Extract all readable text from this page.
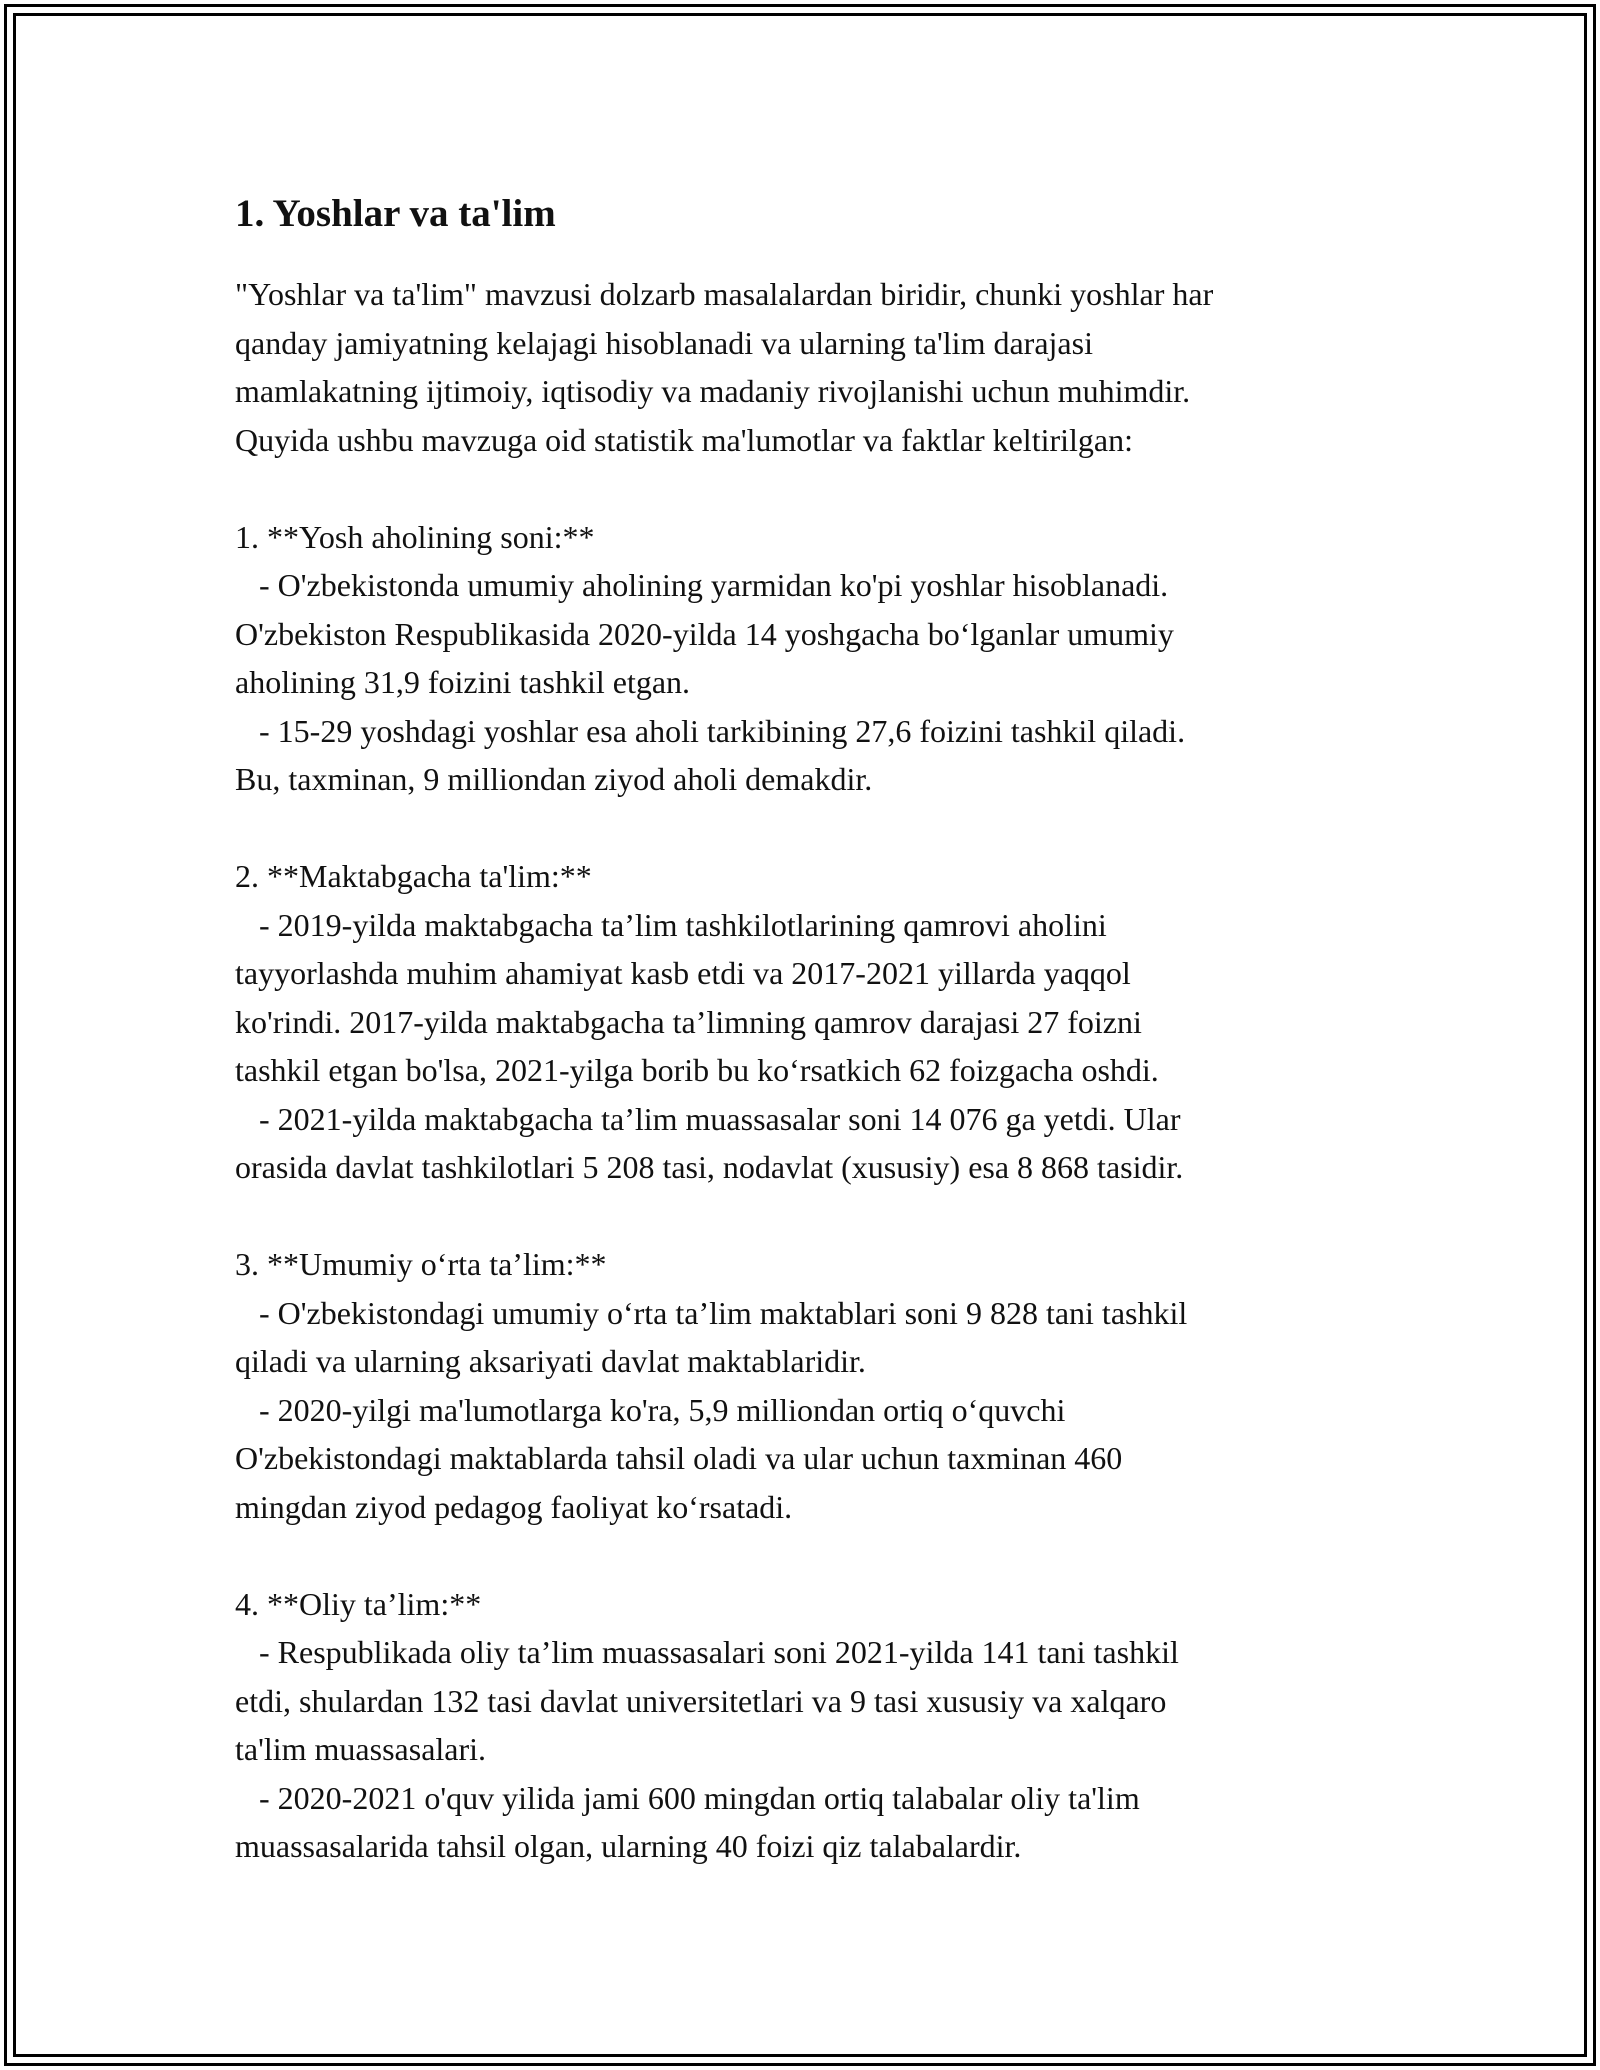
1. Yoshlar va ta'lim

"Yoshlar va ta'lim" mavzusi dolzarb masalalardan biridir, chunki yoshlar har
qanday jamiyatning kelajagi hisoblanadi va ularning ta'lim darajasi
mamlakatning ijtimoiy, iqtisodiy va madaniy rivojlanishi uchun muhimdir.
Quyida ushbu mavzuga oid statistik ma'lumotlar va faktlar keltirilgan:

1. **Yosh aholining soni:**

- O'zbekistonda umumiy aholining yarmidan ko'pi yoshlar hisoblanadi.
O'zbekiston Respublikasida 2020-yilda 14 yoshgacha bo‘lganlar umumiy
aholining 31,9 foizini tashkil etgan.
- 15-29 yoshdagi yoshlar esa aholi tarkibining 27,6 foizini tashkil qiladi.
Bu, taxminan, 9 milliondan ziyod aholi demakdir.

2. **Maktabgacha ta'lim:**

- 2019-yilda maktabgacha ta’lim tashkilotlarining qamrovi aholini
tayyorlashda muhim ahamiyat kasb etdi va 2017-2021 yillarda yaqqol
ko'rindi. 2017-yilda maktabgacha ta’limning qamrov darajasi 27 foizni
tashkil etgan bo'lsa, 2021-yilga borib bu ko‘rsatkich 62 foizgacha oshdi.
- 2021-yilda maktabgacha ta’lim muassasalar soni 14 076 ga yetdi. Ular
orasida davlat tashkilotlari 5 208 tasi, nodavlat (xususiy) esa 8 868 tasidir.

3. **Umumiy o‘rta ta’lim:**

- O'zbekistondagi umumiy o‘rta ta’lim maktablari soni 9 828 tani tashkil
qiladi va ularning aksariyati davlat maktablaridir.
- 2020-yilgi ma'lumotlarga ko'ra, 5,9 milliondan ortiq o‘quvchi
O'zbekistondagi maktablarda tahsil oladi va ular uchun taxminan 460
mingdan ziyod pedagog faoliyat ko‘rsatadi.

4. **Oliy ta’lim:**

- Respublikada oliy ta’lim muassasalari soni 2021-yilda 141 tani tashkil
etdi, shulardan 132 tasi davlat universitetlari va 9 tasi xususiy va xalqaro
ta'lim muassasalari.
- 2020-2021 o'quv yilida jami 600 mingdan ortiq talabalar oliy ta'lim
muassasalarida tahsil olgan, ularning 40 foizi qiz talabalardir.
